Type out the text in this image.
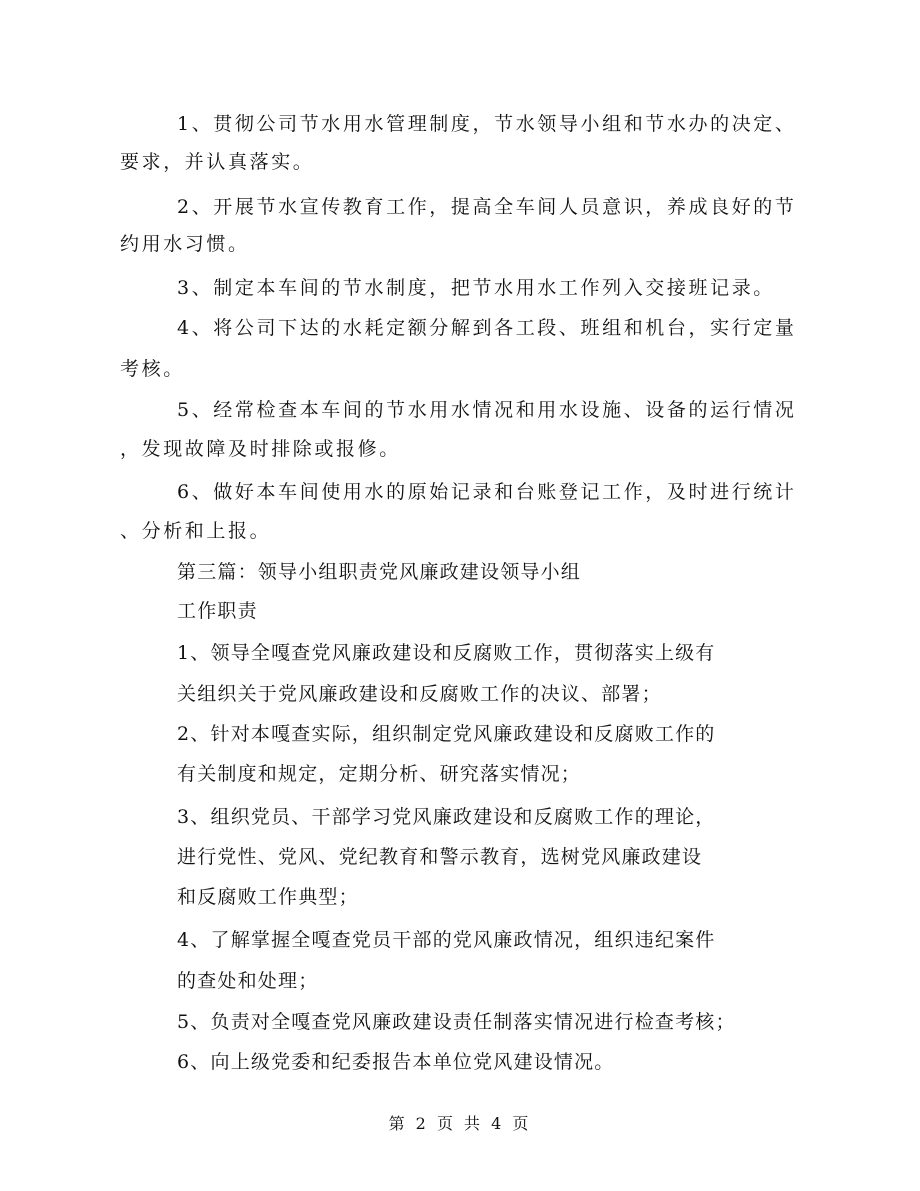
1、贯彻公司节水用水管理制度，节水领导小组和节水办的决定、
要求，并认真落实。
2、开展节水宣传教育工作，提高全车间人员意识，养成良好的节
约用水习惯。
3、制定本车间的节水制度，把节水用水工作列入交接班记录。
4、将公司下达的水耗定额分解到各工段、班组和机台，实行定量
考核。
5、经常检查本车间的节水用水情况和用水设施、设备的运行情况
，发现故障及时排除或报修。
6、做好本车间使用水的原始记录和台账登记工作，及时进行统计
、分析和上报。
第三篇：领导小组职责党风廉政建设领导小组
工作职责
1、领导全嘎查党风廉政建设和反腐败工作，贯彻落实上级有
关组织关于党风廉政建设和反腐败工作的决议、部署；
2、针对本嘎查实际，组织制定党风廉政建设和反腐败工作的
有关制度和规定，定期分析、研究落实情况；
3、组织党员、干部学习党风廉政建设和反腐败工作的理论，
进行党性、党风、党纪教育和警示教育，选树党风廉政建设
和反腐败工作典型；
4、了解掌握全嘎查党员干部的党风廉政情况，组织违纪案件
的查处和处理；
5、负责对全嘎查党风廉政建设责任制落实情况进行检查考核；
6、向上级党委和纪委报告本单位党风建设情况。
第 2 页 共 4 页
